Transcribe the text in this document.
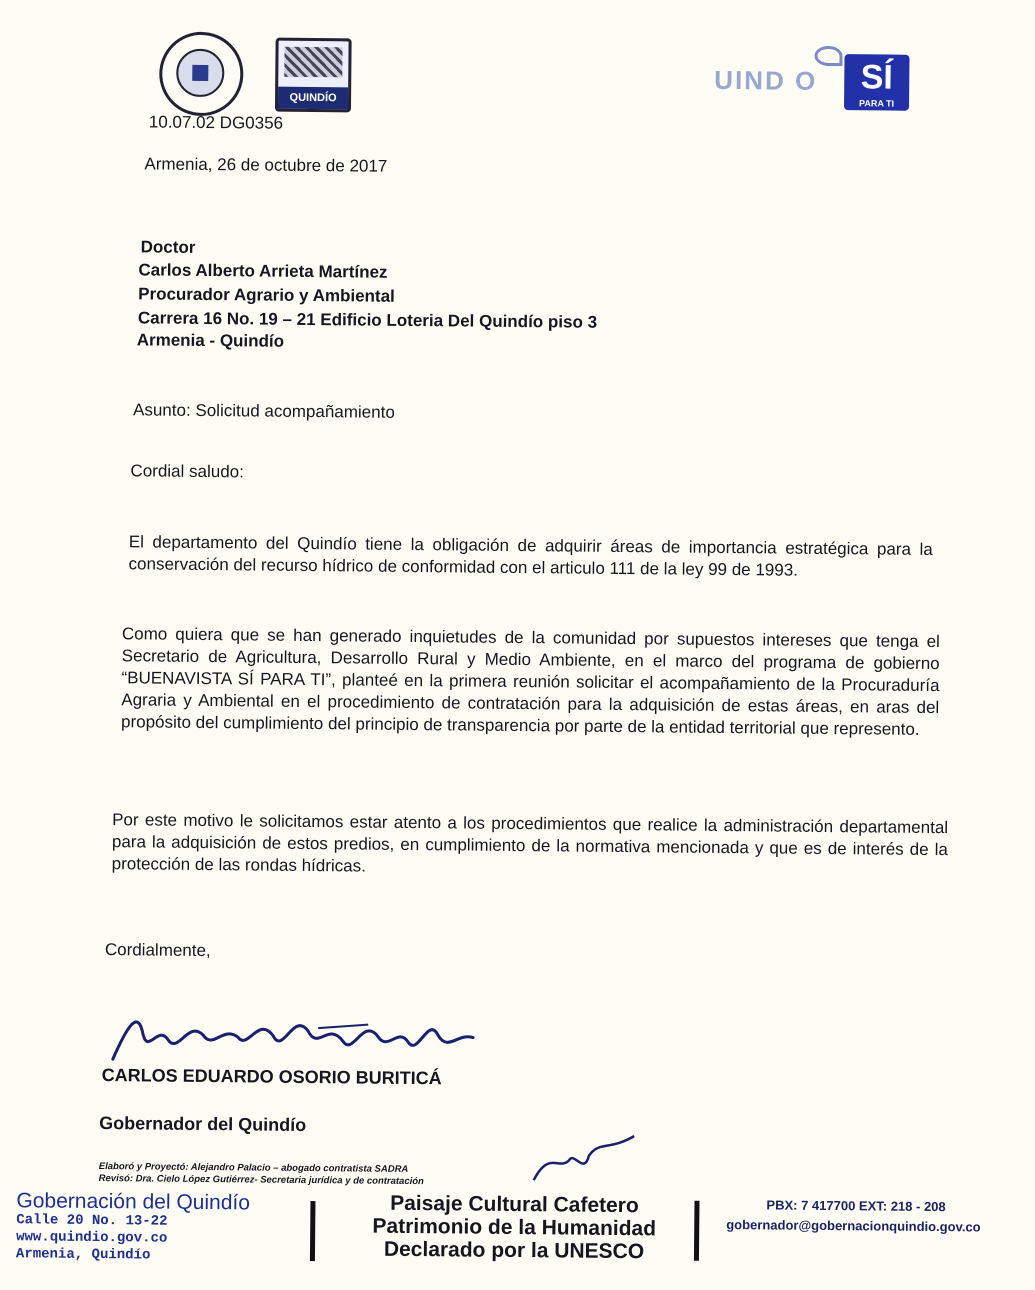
QUINDÍO
UIND O	SÍ
PARA TI
10.07.02 DG0356
Armenia, 26 de octubre de 2017
Doctor
Carlos Alberto Arrieta Martínez
Procurador Agrario y Ambiental
Carrera 16 No. 19 – 21 Edificio Loteria Del Quindío piso 3
Armenia - Quindío
Asunto: Solicitud acompañamiento
Cordial saludo:
El departamento del Quindío tiene la obligación de adquirir áreas de importancia estratégica para la conservación del recurso hídrico de conformidad con el articulo 111 de la ley 99 de 1993.
Como quiera que se han generado inquietudes de la comunidad por supuestos intereses que tenga el Secretario de Agricultura, Desarrollo Rural y Medio Ambiente, en el marco del programa de gobierno “BUENAVISTA SÍ PARA TI”, planteé en la primera reunión solicitar el acompañamiento de la Procuraduría Agraria y Ambiental en el procedimiento de contratación para la adquisición de estas áreas, en aras del propósito del cumplimiento del principio de transparencia por parte de la entidad territorial que represento.
Por este motivo le solicitamos estar atento a los procedimientos que realice la administración departamental para la adquisición de estos predios, en cumplimiento de la normativa mencionada y que es de interés de la protección de las rondas hídricas.
Cordialmente,
CARLOS EDUARDO OSORIO BURITICÁ
Gobernador del Quindío
Elaboró y Proyectó: Alejandro Palacio – abogado contratista SADRA
Revisó: Dra. Cielo López Gutiérrez- Secretaria jurídica y de contratación
Gobernación del Quindío
Calle 20 No. 13-22
www.quindio.gov.co
Armenia, Quindío
Paisaje Cultural Cafetero
Patrimonio de la Humanidad
Declarado por la UNESCO
PBX: 7 417700 EXT: 218 - 208
gobernador@gobernacionquindio.gov.co
